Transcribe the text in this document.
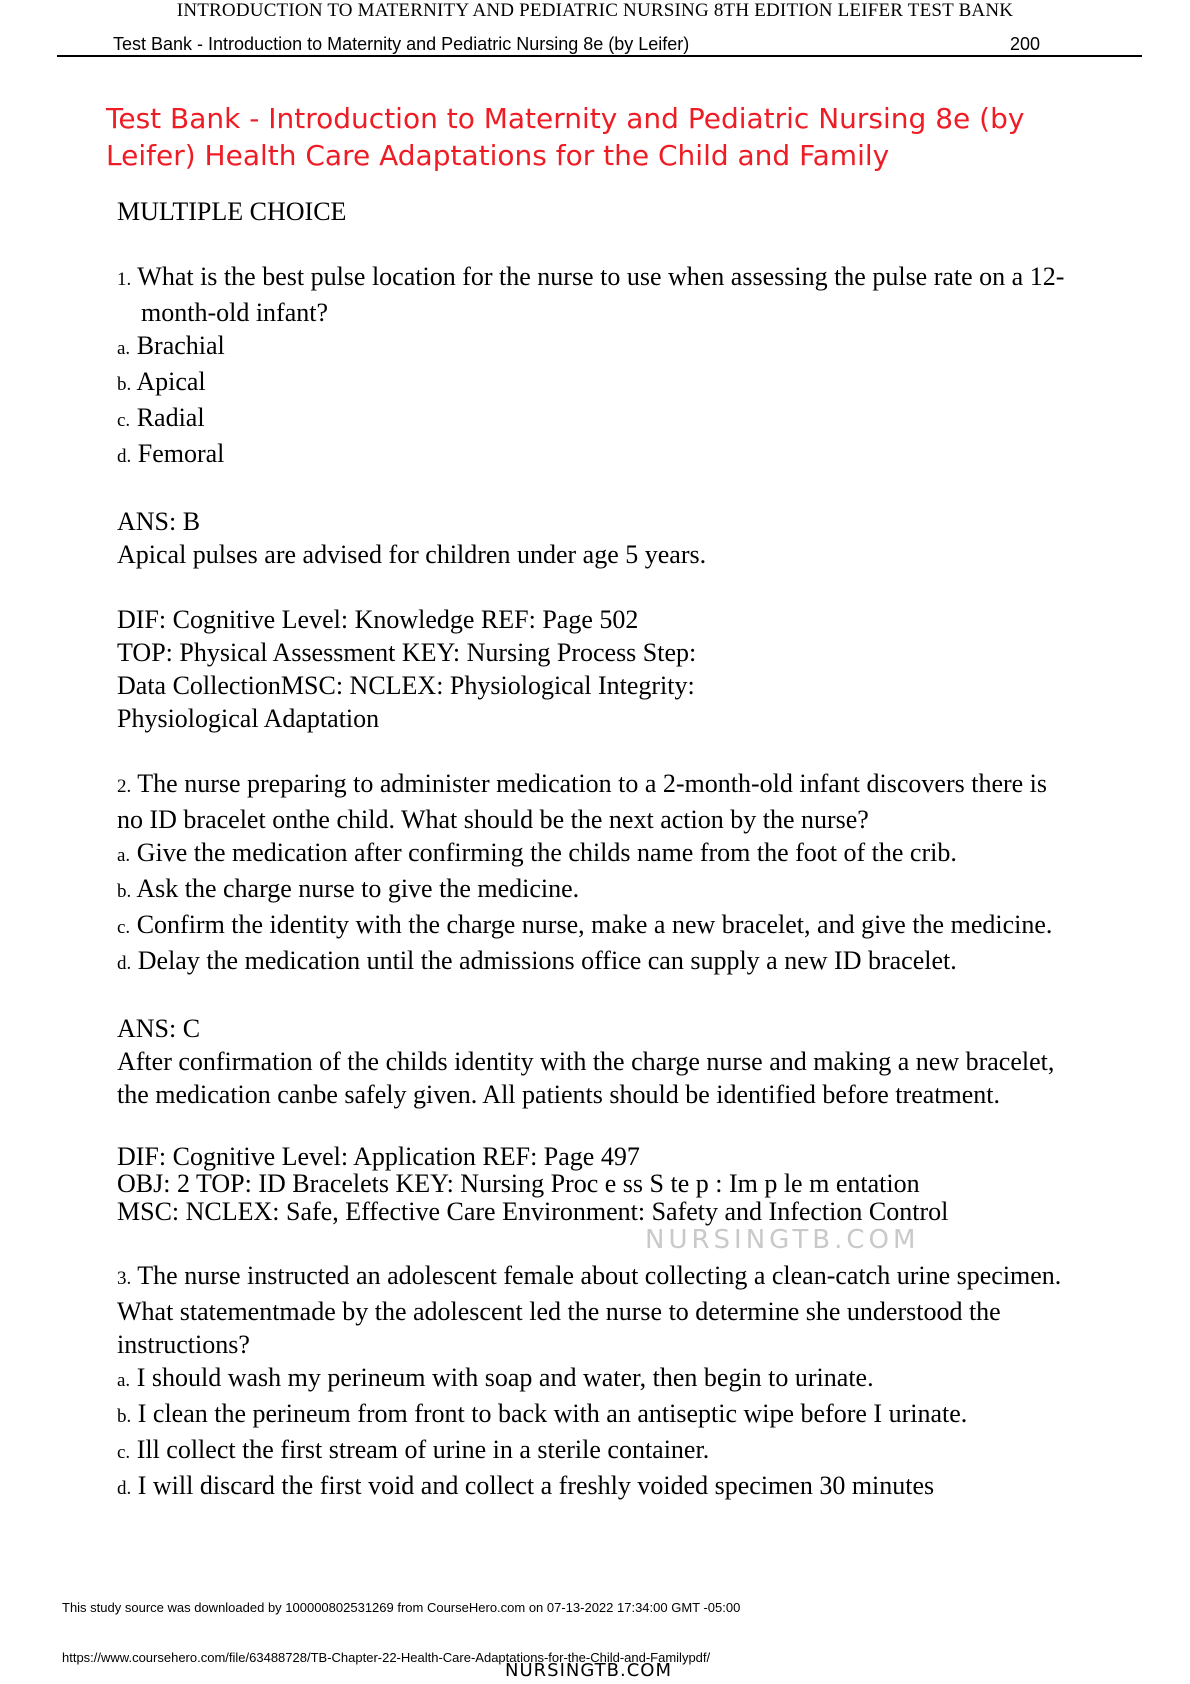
INTRODUCTION TO MATERNITY AND PEDIATRIC NURSING 8TH EDITION LEIFER TEST BANK
Test Bank - Introduction to Maternity and Pediatric Nursing 8e (by Leifer)	200
Test Bank - Introduction to Maternity and Pediatric Nursing 8e (by Leifer) Health Care Adaptations for the Child and Family

MULTIPLE CHOICE

1. What is the best pulse location for the nurse to use when assessing the pulse rate on a 12-month-old infant?

a. Brachial

b. Apical

c. Radial

d. Femoral

ANS: B

Apical pulses are advised for children under age 5 years.

DIF: Cognitive Level: Knowledge REF: Page 502

TOP: Physical Assessment KEY: Nursing Process Step:

Data CollectionMSC: NCLEX: Physiological Integrity:

Physiological Adaptation

2. The nurse preparing to administer medication to a 2-month-old infant discovers there is no ID bracelet onthe child. What should be the next action by the nurse?

a. Give the medication after confirming the childs name from the foot of the crib.

b. Ask the charge nurse to give the medicine.

c. Confirm the identity with the charge nurse, make a new bracelet, and give the medicine.

d. Delay the medication until the admissions office can supply a new ID bracelet.

ANS: C

After confirmation of the childs identity with the charge nurse and making a new bracelet, the medication canbe safely given. All patients should be identified before treatment.

DIF: Cognitive Level: Application REF: Page 497

OBJ: 2 TOP: ID Bracelets KEY: Nursing Proc e ss S te p : Im p le m entation

MSC: NCLEX: Safe, Effective Care Environment: Safety and Infection Control

3. The nurse instructed an adolescent female about collecting a clean-catch urine specimen. What statementmade by the adolescent led the nurse to determine she understood the instructions?

a. I should wash my perineum with soap and water, then begin to urinate.

b. I clean the perineum from front to back with an antiseptic wipe before I urinate.

c. Ill collect the first stream of urine in a sterile container.

d. I will discard the first void and collect a freshly voided specimen 30 minutes

NURSINGTB.COM
This study source was downloaded by 100000802531269 from CourseHero.com on 07-13-2022 17:34:00 GMT -05:00
https://www.coursehero.com/file/63488728/TB-Chapter-22-Health-Care-Adaptations-for-the-Child-and-Familypdf/
NURSINGTB.COM
